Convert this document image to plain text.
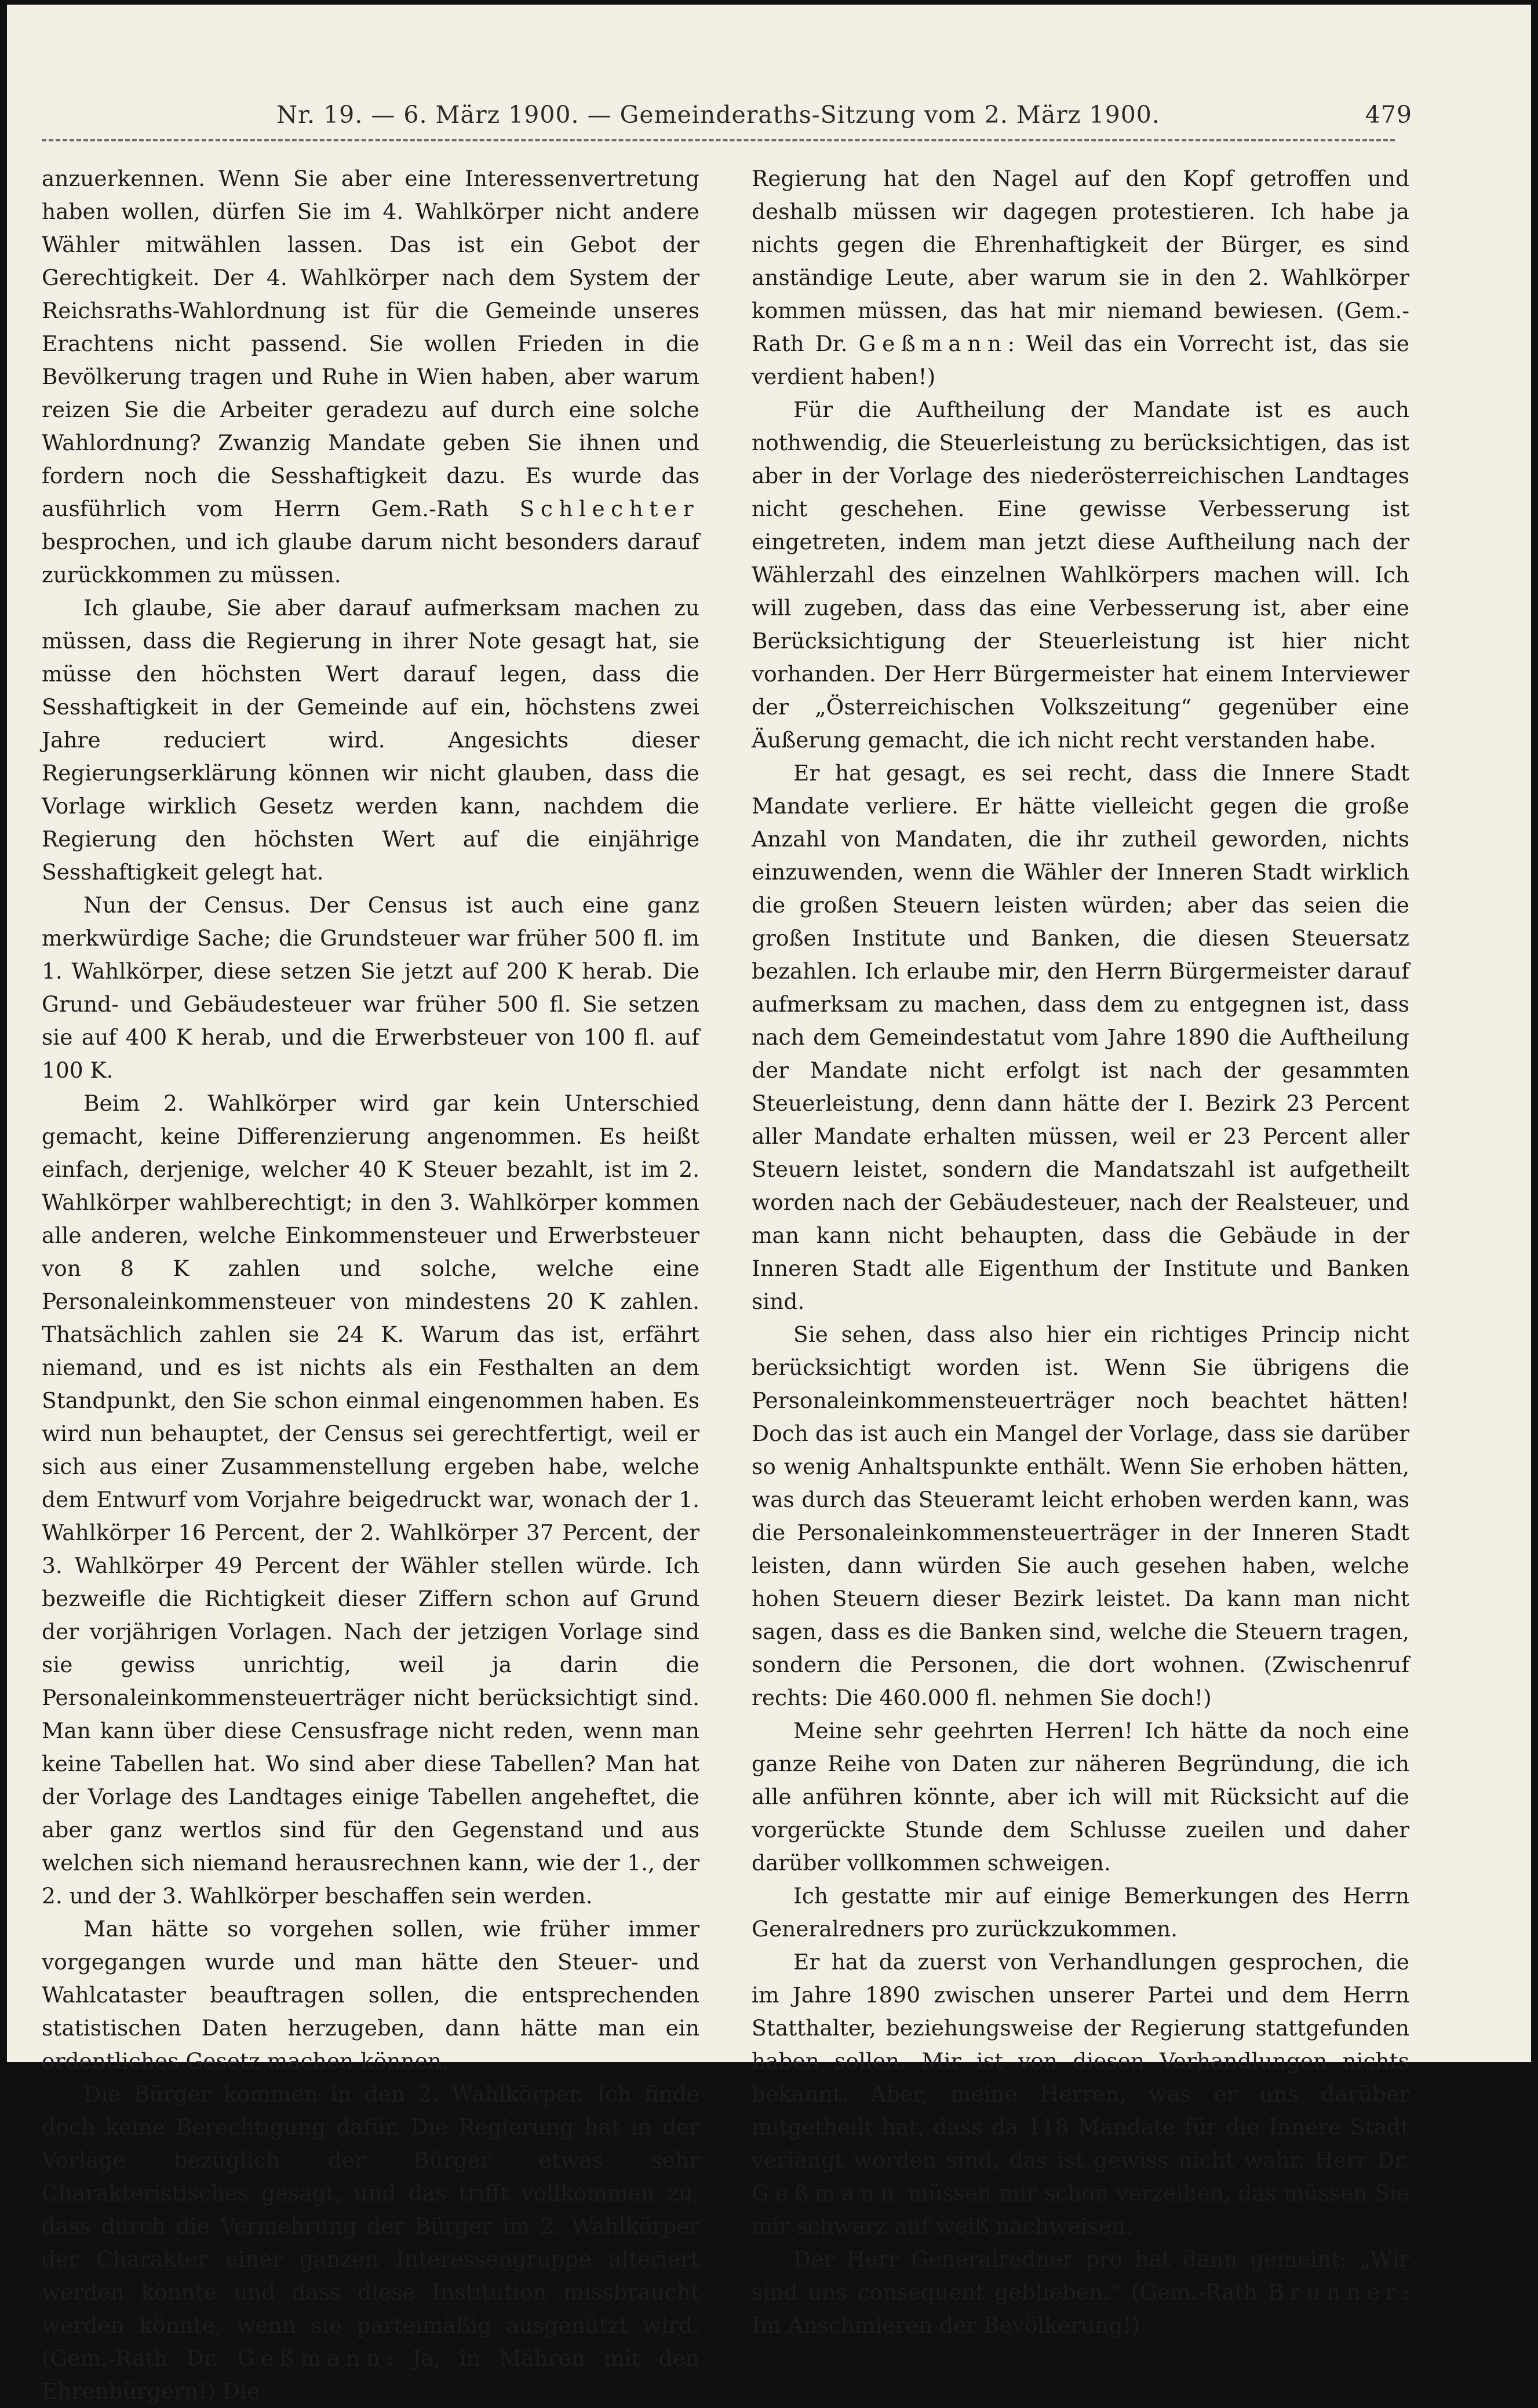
Nr. 19. — 6. März 1900. — Gemeinderaths-Sitzung vom 2. März 1900.	479

anzuerkennen. Wenn Sie aber eine Interessenvertretung haben wollen, dürfen Sie im 4. Wahlkörper nicht andere Wähler mitwählen lassen. Das ist ein Gebot der Gerechtigkeit. Der 4. Wahlkörper nach dem System der Reichsraths-Wahlordnung ist für die Gemeinde unseres Erachtens nicht passend. Sie wollen Frieden in die Bevölkerung tragen und Ruhe in Wien haben, aber warum reizen Sie die Arbeiter geradezu auf durch eine solche Wahlordnung? Zwanzig Mandate geben Sie ihnen und fordern noch die Sesshaftigkeit dazu. Es wurde das ausführlich vom Herrn Gem.-Rath Schlechter besprochen, und ich glaube darum nicht besonders darauf zurückkommen zu müssen.

Ich glaube, Sie aber darauf aufmerksam machen zu müssen, dass die Regierung in ihrer Note gesagt hat, sie müsse den höchsten Wert darauf legen, dass die Sesshaftigkeit in der Gemeinde auf ein, höchstens zwei Jahre reduciert wird. Angesichts dieser Regierungserklärung können wir nicht glauben, dass die Vorlage wirklich Gesetz werden kann, nachdem die Regierung den höchsten Wert auf die einjährige Sesshaftigkeit gelegt hat.

Nun der Census. Der Census ist auch eine ganz merkwürdige Sache; die Grundsteuer war früher 500 fl. im 1. Wahlkörper, diese setzen Sie jetzt auf 200 K herab. Die Grund- und Gebäudesteuer war früher 500 fl. Sie setzen sie auf 400 K herab, und die Erwerbsteuer von 100 fl. auf 100 K.

Beim 2. Wahlkörper wird gar kein Unterschied gemacht, keine Differenzierung angenommen. Es heißt einfach, derjenige, welcher 40 K Steuer bezahlt, ist im 2. Wahlkörper wahlberechtigt; in den 3. Wahlkörper kommen alle anderen, welche Einkommensteuer und Erwerbsteuer von 8 K zahlen und solche, welche eine Personaleinkommensteuer von mindestens 20 K zahlen. Thatsächlich zahlen sie 24 K. Warum das ist, erfährt niemand, und es ist nichts als ein Festhalten an dem Standpunkt, den Sie schon einmal eingenommen haben. Es wird nun behauptet, der Census sei gerechtfertigt, weil er sich aus einer Zusammenstellung ergeben habe, welche dem Entwurf vom Vorjahre beigedruckt war, wonach der 1. Wahlkörper 16 Percent, der 2. Wahlkörper 37 Percent, der 3. Wahlkörper 49 Percent der Wähler stellen würde. Ich bezweifle die Richtigkeit dieser Ziffern schon auf Grund der vorjährigen Vorlagen. Nach der jetzigen Vorlage sind sie gewiss unrichtig, weil ja darin die Personaleinkommensteuerträger nicht berücksichtigt sind. Man kann über diese Censusfrage nicht reden, wenn man keine Tabellen hat. Wo sind aber diese Tabellen? Man hat der Vorlage des Landtages einige Tabellen angeheftet, die aber ganz wertlos sind für den Gegenstand und aus welchen sich niemand herausrechnen kann, wie der 1., der 2. und der 3. Wahlkörper beschaffen sein werden.

Man hätte so vorgehen sollen, wie früher immer vorgegangen wurde und man hätte den Steuer- und Wahlcataster beauftragen sollen, die entsprechenden statistischen Daten herzugeben, dann hätte man ein ordentliches Gesetz machen können.

Die Bürger kommen in den 2. Wahlkörper. Ich finde doch keine Berechtigung dafür. Die Regierung hat in der Vorlage bezüglich der Bürger etwas sehr Charakteristisches gesagt, und das trifft vollkommen zu, dass durch die Vermehrung der Bürger im 2. Wahlkörper der Charakter einer ganzen Interessengruppe alteriert werden könnte und dass diese Institution missbraucht werden könnte, wenn sie parteimäßig ausgenützt wird. (Gem.-Rath Dr. Geßmann: Ja, in Mähren mit den Ehrenbürgern!) Die

Regierung hat den Nagel auf den Kopf getroffen und deshalb müssen wir dagegen protestieren. Ich habe ja nichts gegen die Ehrenhaftigkeit der Bürger, es sind anständige Leute, aber warum sie in den 2. Wahlkörper kommen müssen, das hat mir niemand bewiesen. (Gem.-Rath Dr. Geßmann: Weil das ein Vorrecht ist, das sie verdient haben!)

Für die Auftheilung der Mandate ist es auch nothwendig, die Steuerleistung zu berücksichtigen, das ist aber in der Vorlage des niederösterreichischen Landtages nicht geschehen. Eine gewisse Verbesserung ist eingetreten, indem man jetzt diese Auftheilung nach der Wählerzahl des einzelnen Wahlkörpers machen will. Ich will zugeben, dass das eine Verbesserung ist, aber eine Berücksichtigung der Steuerleistung ist hier nicht vorhanden. Der Herr Bürgermeister hat einem Interviewer der „Österreichischen Volkszeitung“ gegenüber eine Äußerung gemacht, die ich nicht recht verstanden habe.

Er hat gesagt, es sei recht, dass die Innere Stadt Mandate verliere. Er hätte vielleicht gegen die große Anzahl von Mandaten, die ihr zutheil geworden, nichts einzuwenden, wenn die Wähler der Inneren Stadt wirklich die großen Steuern leisten würden; aber das seien die großen Institute und Banken, die diesen Steuersatz bezahlen. Ich erlaube mir, den Herrn Bürgermeister darauf aufmerksam zu machen, dass dem zu entgegnen ist, dass nach dem Gemeindestatut vom Jahre 1890 die Auftheilung der Mandate nicht erfolgt ist nach der gesammten Steuerleistung, denn dann hätte der I. Bezirk 23 Percent aller Mandate erhalten müssen, weil er 23 Percent aller Steuern leistet, sondern die Mandatszahl ist aufgetheilt worden nach der Gebäudesteuer, nach der Realsteuer, und man kann nicht behaupten, dass die Gebäude in der Inneren Stadt alle Eigenthum der Institute und Banken sind.

Sie sehen, dass also hier ein richtiges Princip nicht berücksichtigt worden ist. Wenn Sie übrigens die Personaleinkommensteuerträger noch beachtet hätten! Doch das ist auch ein Mangel der Vorlage, dass sie darüber so wenig Anhaltspunkte enthält. Wenn Sie erhoben hätten, was durch das Steueramt leicht erhoben werden kann, was die Personaleinkommensteuerträger in der Inneren Stadt leisten, dann würden Sie auch gesehen haben, welche hohen Steuern dieser Bezirk leistet. Da kann man nicht sagen, dass es die Banken sind, welche die Steuern tragen, sondern die Personen, die dort wohnen. (Zwischenruf rechts: Die 460.000 fl. nehmen Sie doch!)

Meine sehr geehrten Herren! Ich hätte da noch eine ganze Reihe von Daten zur näheren Begründung, die ich alle anführen könnte, aber ich will mit Rücksicht auf die vorgerückte Stunde dem Schlusse zueilen und daher darüber vollkommen schweigen.

Ich gestatte mir auf einige Bemerkungen des Herrn Generalredners pro zurückzukommen.

Er hat da zuerst von Verhandlungen gesprochen, die im Jahre 1890 zwischen unserer Partei und dem Herrn Statthalter, beziehungsweise der Regierung stattgefunden haben sollen. Mir ist von diesen Verhandlungen nichts bekannt. Aber, meine Herren, was er uns darüber mitgetheilt hat, dass da 118 Mandate für die Innere Stadt verlangt worden sind, das ist gewiss nicht wahr. Herr Dr. Geßmann müssen mir schon verzeihen, das müssen Sie mir schwarz auf weiß nachweisen.

Der Herr Generalredner pro hat dann gemeint: „Wir sind uns consequent geblieben.“ (Gem.-Rath Brunner: Im Anschmieren der Bevölkerung!)
